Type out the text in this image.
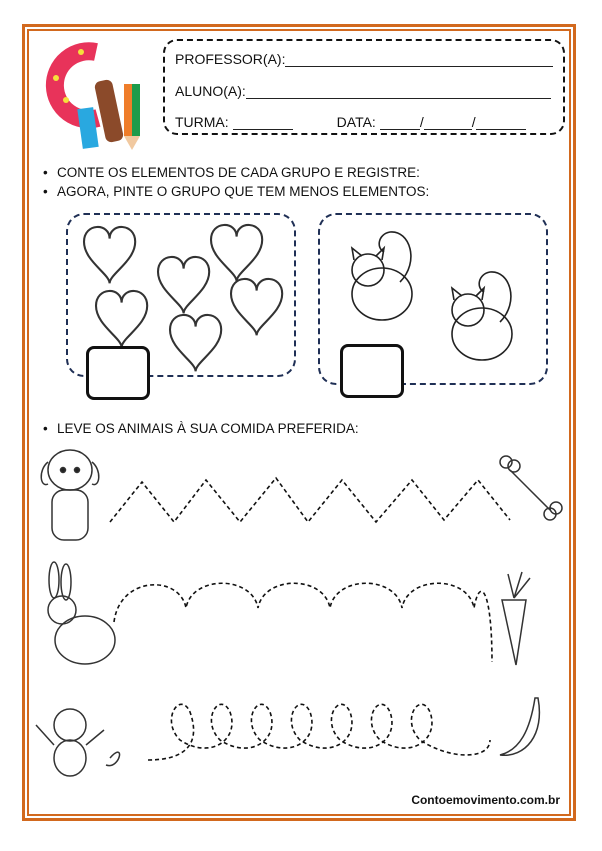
PROFESSOR(A):
ALUNO(A):
TURMA:	DATA:	/	/
• CONTE OS ELEMENTOS DE CADA GRUPO E REGISTRE:
• AGORA, PINTE O GRUPO QUE TEM MENOS ELEMENTOS:
• LEVE OS ANIMAIS À SUA COMIDA PREFERIDA:
Contoemovimento.com.br
